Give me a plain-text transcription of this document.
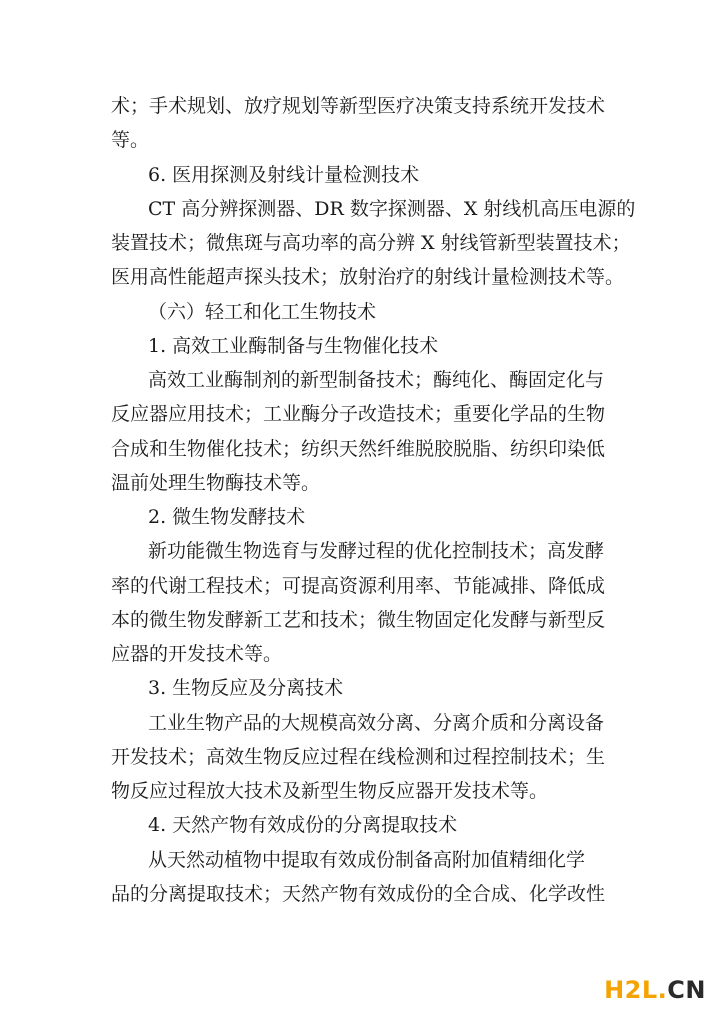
术；手术规划、放疗规划等新型医疗决策支持系统开发技术
等。
6. 医用探测及射线计量检测技术
CT 高分辨探测器、DR 数字探测器、X 射线机高压电源的
装置技术；微焦斑与高功率的高分辨 X 射线管新型装置技术；
医用高性能超声探头技术；放射治疗的射线计量检测技术等。
（六）轻工和化工生物技术
1. 高效工业酶制备与生物催化技术
高效工业酶制剂的新型制备技术；酶纯化、酶固定化与
反应器应用技术；工业酶分子改造技术；重要化学品的生物
合成和生物催化技术；纺织天然纤维脱胶脱脂、纺织印染低
温前处理生物酶技术等。
2. 微生物发酵技术
新功能微生物选育与发酵过程的优化控制技术；高发酵
率的代谢工程技术；可提高资源利用率、节能减排、降低成
本的微生物发酵新工艺和技术；微生物固定化发酵与新型反
应器的开发技术等。
3. 生物反应及分离技术
工业生物产品的大规模高效分离、分离介质和分离设备
开发技术；高效生物反应过程在线检测和过程控制技术；生
物反应过程放大技术及新型生物反应器开发技术等。
4. 天然产物有效成份的分离提取技术
从天然动植物中提取有效成份制备高附加值精细化学
品的分离提取技术；天然产物有效成份的全合成、化学改性
H2L.CN
